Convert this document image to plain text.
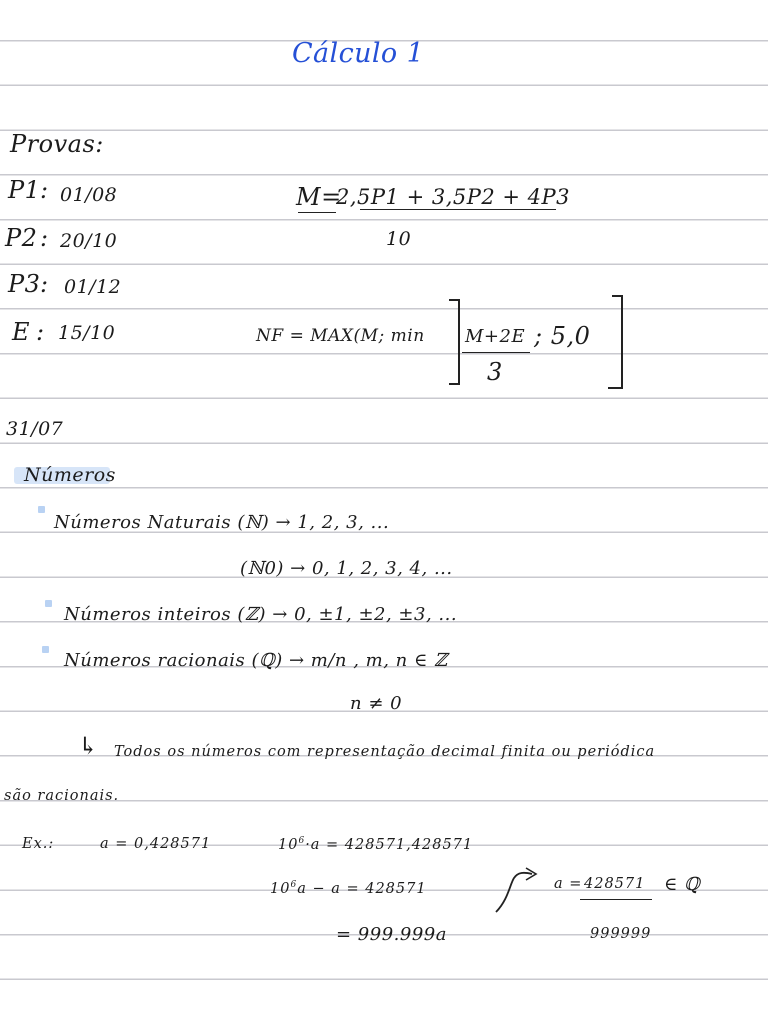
Cálculo 1
Provas:
P1 : 01/08
P2 : 20/10
P3 : 01/12
E : 15/10
M=
2,5P1 + 3,5P2 + 4P3
10
NF = MAX(M; min M+2E
3
; 5,0
31/07
Números
Números Naturais (ℕ) → 1, 2, 3, ...
(ℕ0) → 0, 1, 2, 3, 4, ...
Números inteiros (ℤ) → 0, ±1, ±2, ±3, ...
Números racionais (ℚ) → m/n , m, n ∈ ℤ
n ≠ 0
↳ Todos os números com representação decimal finita ou periódica
são racionais.
Ex.:	a = 0,428571	$10^6\cdot a = 428571,428571$
$10^6a - a = 428571$
= 999.999a
a = 428571 ∈ ℚ
999999
